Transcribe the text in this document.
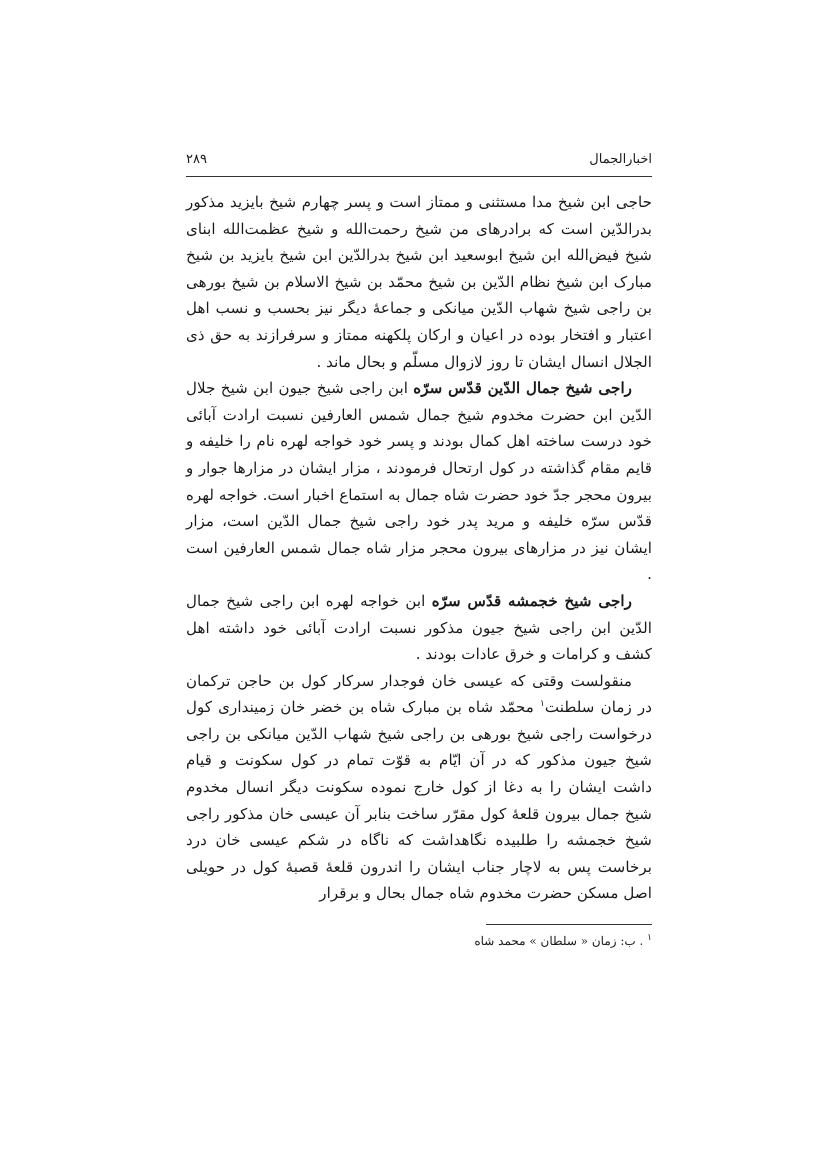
اخبارالجمال
۲۸۹

حاجی ابن شیخ مدا مستثنی و ممتاز است و پسر چهارم شیخ بایزید مذکور بدرالدّین است که برادرهای من شیخ رحمت‌الله و شیخ عظمت‌الله ابنای شیخ فیض‌الله ابن شیخ ابوسعید ابن شیخ بدرالدّین ابن شیخ بایزید بن شیخ مبارک ابن شیخ نظام الدّین بن شیخ محمّد بن شیخ الاسلام بن شیخ بورهی بن راجی شیخ شهاب الدّین میانکی و جماعهٔ دیگر نیز بحسب و نسب اهل اعتبار و افتخار بوده در اعیان و ارکان پلکهنه ممتاز و سرفرازند به حق ذی الجلال انسال ایشان تا روز لازوال مسلّم و بحال ماند .

راجی شیخ جمال الدّین قدّس سرّه ابن راجی شیخ جیون ابن شیخ جلال الدّین ابن حضرت مخدوم شیخ جمال شمس العارفین نسبت ارادت آبائی خود درست ساخته اهل کمال بودند و پسر خود خواجه لهره نام را خلیفه و قایم مقام گذاشته در کول ارتحال فرمودند ، مزار ایشان در مزارها جوار و بیرون محجر جدّ خود حضرت شاه جمال به استماع اخبار است. خواجه لهره قدّس سرّه خلیفه و مرید پدر خود راجی شیخ جمال الدّین است، مزار ایشان نیز در مزارهای بیرون محجر مزار شاه جمال شمس العارفین است .

راجی شیخ خجمشه قدّس سرّه ابن خواجه لهره ابن راجی شیخ جمال الدّین ابن راجی شیخ جیون مذکور نسبت ارادت آبائی خود داشته اهل کشف و کرامات و خرق عادات بودند .

منقولست وقتی که عیسی خان فوجدار سرکار کول بن حاجن ترکمان در زمان سلطنت$^۱$ محمّد شاه بن مبارک شاه بن خضر خان زمینداری کول درخواست راجی شیخ بورهی بن راجی شیخ شهاب الدّین میانکی بن راجی شیخ جیون مذکور که در آن ایّام به قوّت تمام در کول سکونت و قیام داشت ایشان را به دغا از کول خارج نموده سکونت دیگر انسال مخدوم شیخ جمال بیرون قلعهٔ کول مقرّر ساخت بنابر آن عیسی خان مذکور راجی شیخ خجمشه را طلبیده نگاهداشت که ناگاه در شکم عیسی خان درد برخاست پس به لاچار جناب ایشان را اندرون قلعهٔ قصبهٔ کول در حویلی اصل مسکن حضرت مخدوم شاه جمال بحال و برقرار

$^۱$ . ب: زمان « سلطان » محمد شاه
